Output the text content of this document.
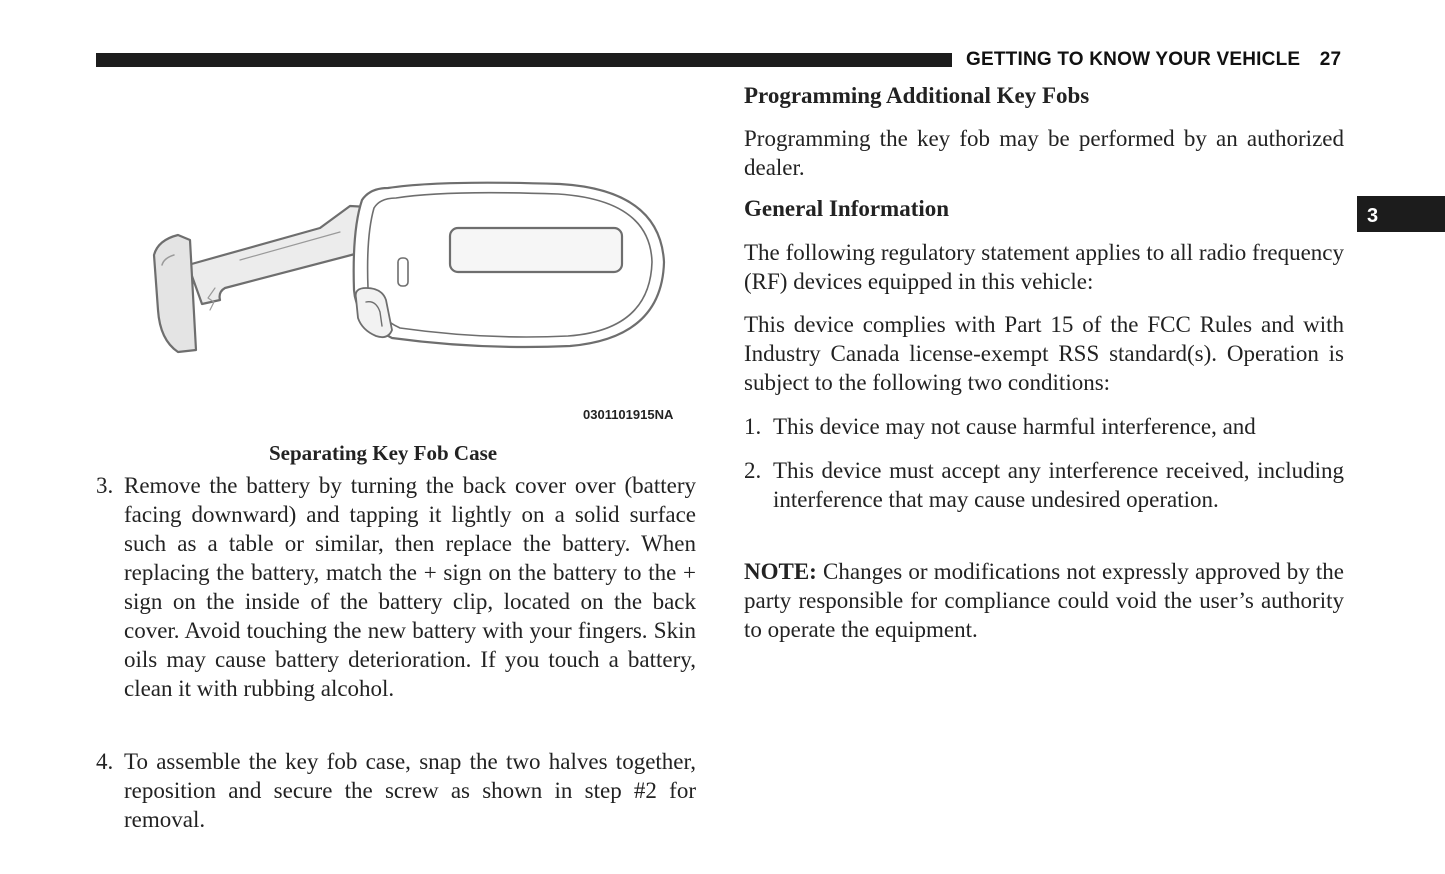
GETTING TO KNOW YOUR VEHICLE 27
3
0301101915NA
Separating Key Fob Case
3. Remove the battery by turning the back cover over (battery facing downward) and tapping it lightly on a solid surface such as a table or similar, then replace the battery. When replacing the battery, match the + sign on the battery to the + sign on the inside of the battery clip, located on the back cover. Avoid touching the new battery with your fingers. Skin oils may cause battery deterioration. If you touch a battery, clean it with rubbing alcohol.
4. To assemble the key fob case, snap the two halves together, reposition and secure the screw as shown in step #2 for removal.
Programming Additional Key Fobs
Programming the key fob may be performed by an authorized dealer.
General Information
The following regulatory statement applies to all radio frequency (RF) devices equipped in this vehicle:
This device complies with Part 15 of the FCC Rules and with Industry Canada license-exempt RSS standard(s). Operation is subject to the following two conditions:
1. This device may not cause harmful interference, and
2. This device must accept any interference received, including interference that may cause undesired operation.
NOTE: Changes or modifications not expressly approved by the party responsible for compliance could void the user’s authority to operate the equipment.
